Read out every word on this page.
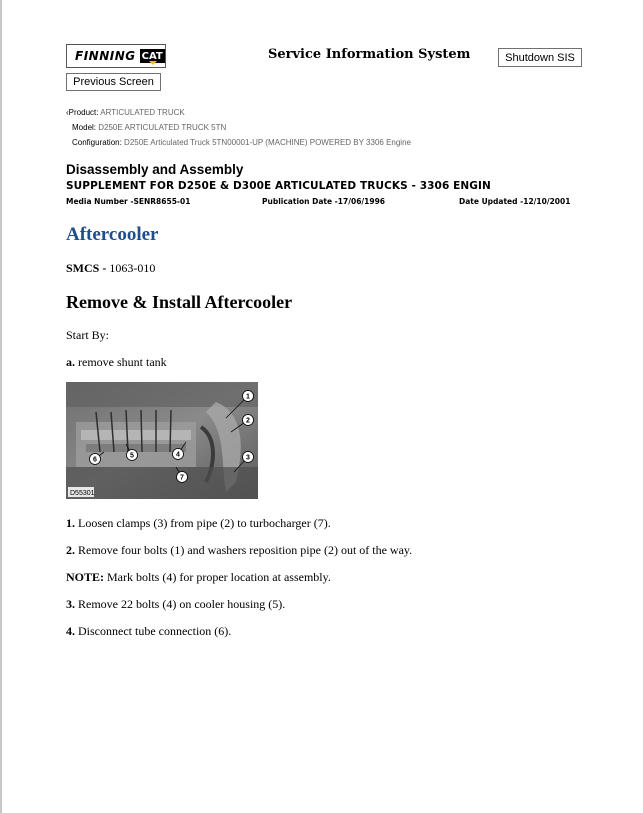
FINNING CAT	Service Information System	Shutdown SIS
Previous Screen
‹Product: ARTICULATED TRUCK
Model: D250E ARTICULATED TRUCK 5TN
Configuration: D250E Articulated Truck 5TN00001-UP (MACHINE) POWERED BY 3306 Engine
Disassembly and Assembly
SUPPLEMENT FOR D250E & D300E ARTICULATED TRUCKS - 3306 ENGIN
Media Number -SENR8655-01	Publication Date -17/06/1996	Date Updated -12/10/2001
Aftercooler
SMCS - 1063-010
Remove & Install Aftercooler
Start By:
a. remove shunt tank
1
2
3
4
5
6
7
D55301
1. Loosen clamps (3) from pipe (2) to turbocharger (7).
2. Remove four bolts (1) and washers reposition pipe (2) out of the way.
NOTE: Mark bolts (4) for proper location at assembly.
3. Remove 22 bolts (4) on cooler housing (5).
4. Disconnect tube connection (6).
